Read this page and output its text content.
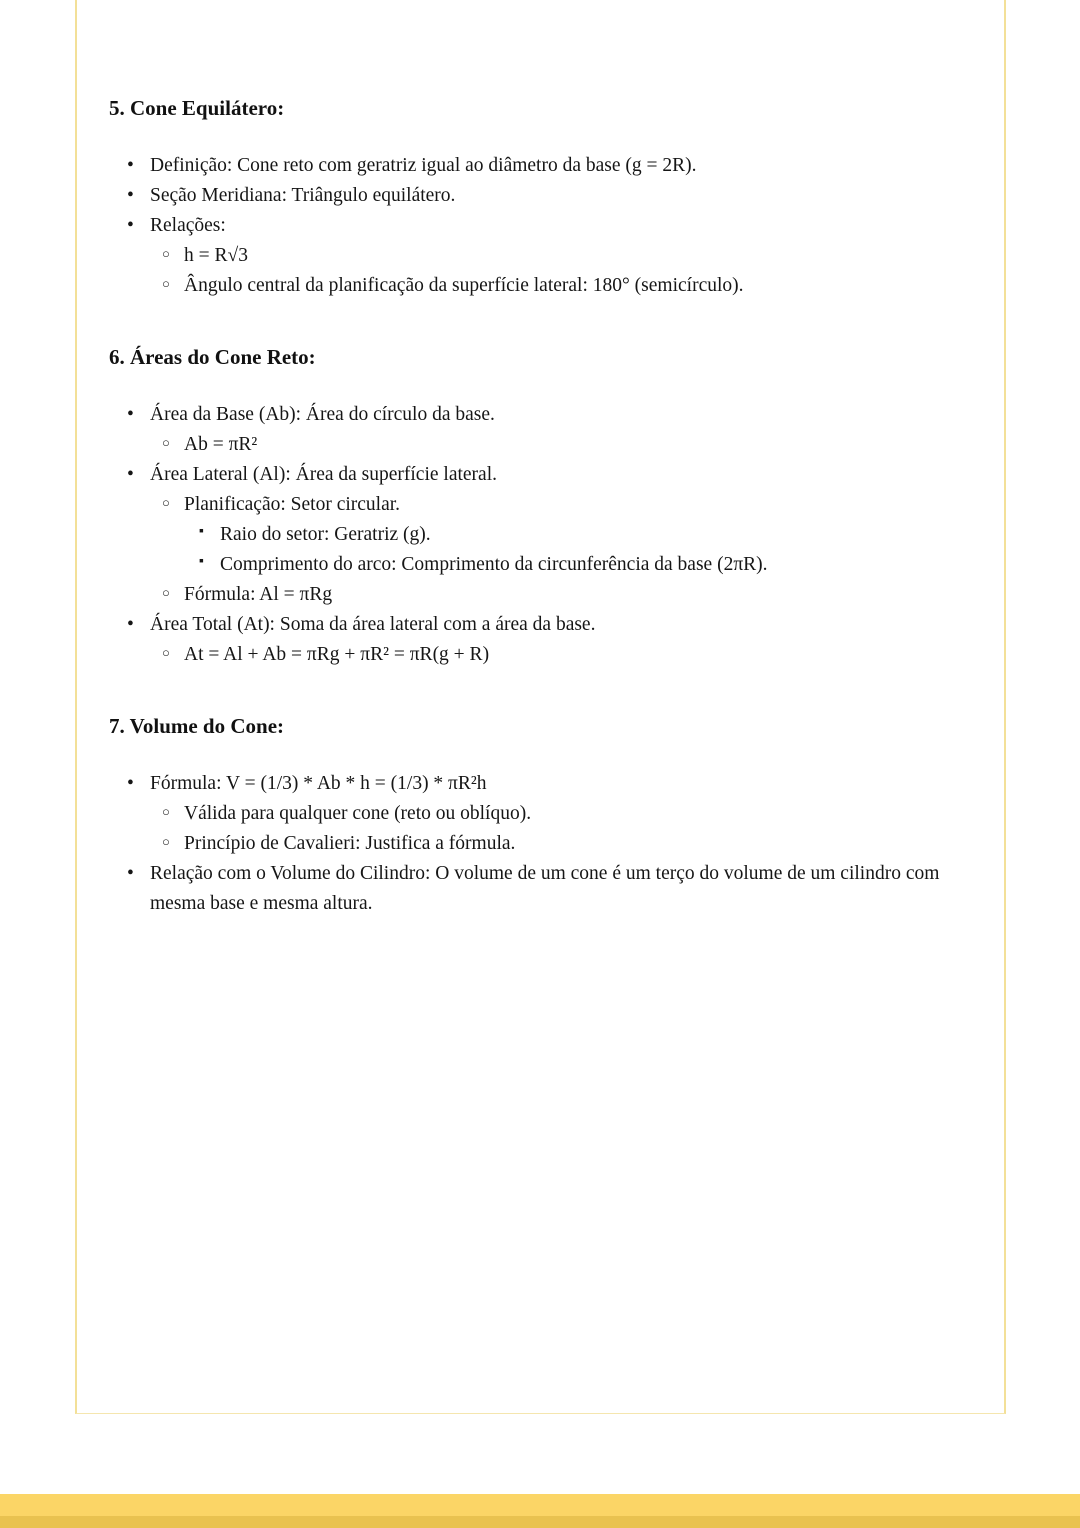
5. Cone Equilátero:
• Definição: Cone reto com geratriz igual ao diâmetro da base (g = 2R).
• Seção Meridiana: Triângulo equilátero.
• Relações:
○ h = R√3
○ Ângulo central da planificação da superfície lateral: 180° (semicírculo).
6. Áreas do Cone Reto:
• Área da Base (Ab): Área do círculo da base.
○ Ab = πR²
• Área Lateral (Al): Área da superfície lateral.
○ Planificação: Setor circular.
▪ Raio do setor: Geratriz (g).
▪ Comprimento do arco: Comprimento da circunferência da base (2πR).
○ Fórmula: Al = πRg
• Área Total (At): Soma da área lateral com a área da base.
○ At = Al + Ab = πRg + πR² = πR(g + R)
7. Volume do Cone:
• Fórmula: V = (1/3) * Ab * h = (1/3) * πR²h
○ Válida para qualquer cone (reto ou oblíquo).
○ Princípio de Cavalieri: Justifica a fórmula.
• Relação com o Volume do Cilindro: O volume de um cone é um terço do volume de um cilindro com mesma base e mesma altura.
